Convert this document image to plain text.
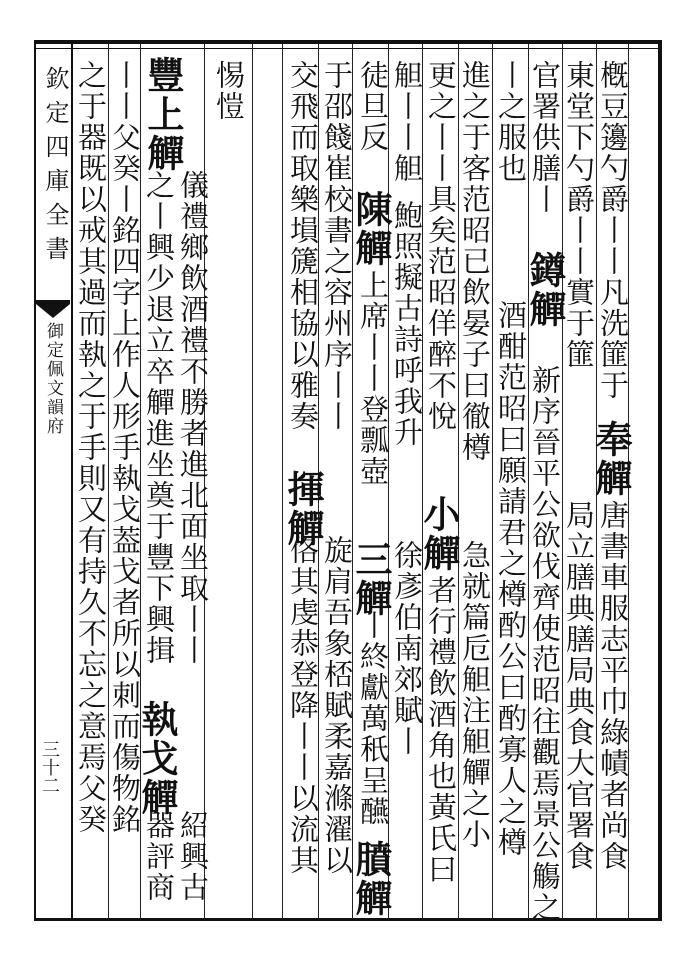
欽定四庫全書
御定佩文韻府
三十二
槪豆籩勺爵丨丨凡洗篚于
東堂下勺爵丨丨實于篚
奉觶
唐書車服志平巾綠幘者尚食
局立膳典膳局典食大官署食
官署供膳丨 鐏觶 新序晉平公欲伐齊使范昭往觀焉景公觴之
丨之服也
酒酣范昭曰願請君之樽酌公曰酌寡人之樽
進之于客范昭已飲晏子曰徹樽
更之丨丨具矣范昭佯醉不悅
急就篇卮觛注觛觶之小
小觶
者行禮飲酒角也黃氏曰
觛丨丨觛
徒旦反
陳觶
鮑照擬古詩呼我升
上席丨丨登瓢壺
三觶
徐彥伯南郊賦丨
丨終獻萬秖呈醼
膹觶
于邵餞崔校書之容州序丨丨
交飛而取樂塤篪相協以雅奏
揮觶
旋肩吾象桮賦柔嘉滌濯以
佫其虔恭登降丨丨以流其
惕愷
豐上觶
儀禮鄉飲酒禮不勝者進北面坐取丨丨
之丨興少退立卒觶進坐奠于豐下興揖
執戈觶
紹興古
器評商
丨丨父癸丨銘四字上作人形手執戈葢戈者所以刺而傷物銘
之于器既以戒其過而執之于手則又有持久不忘之意焉父癸
